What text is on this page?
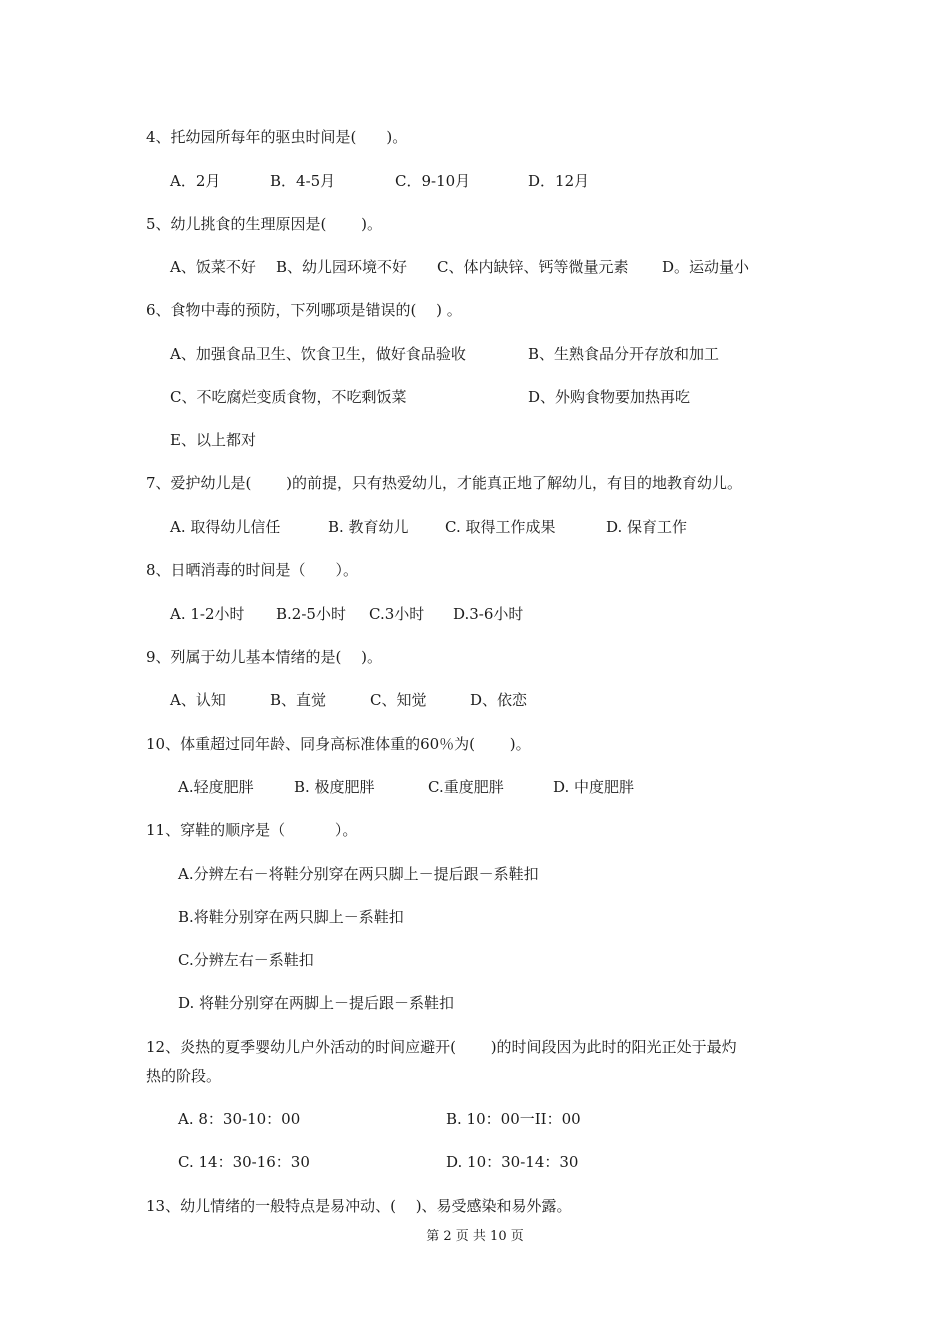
4、托幼园所每年的驱虫时间是(　　)。
A．2月	B．4-5月	C．9-10月	D．12月
5、幼儿挑食的生理原因是(　　 )。
A、饭菜不好 B、幼儿园环境不好 C、体内缺锌、钙等微量元素 D。运动量小
6、食物中毒的预防，下列哪项是错误的(　 ) 。
A、加强食品卫生、饮食卫生，做好食品验收	B、生熟食品分开存放和加工
C、不吃腐烂变质食物，不吃剩饭菜	D、外购食物要加热再吃
E、以上都对
7、爱护幼儿是(　　 )的前提，只有热爱幼儿，才能真正地了解幼儿，有目的地教育幼儿。
A. 取得幼儿信任	B. 教育幼儿 C. 取得工作成果	D. 保育工作
8、日晒消毒的时间是（　　）。
A. 1-2小时 B.2-5小时 C.3小时 D.3-6小时
9、列属于幼儿基本情绪的是(　 )。
A、认知	B、直觉	C、知觉	D、依恋
10、体重超过同年龄、同身高标准体重的60％为(　　 )。
A.轻度肥胖	B. 极度肥胖	C.重度肥胖	D. 中度肥胖
11、穿鞋的顺序是（　　　 ）。
A.分辨左右－将鞋分别穿在两只脚上－提后跟－系鞋扣
B.将鞋分别穿在两只脚上－系鞋扣
C.分辨左右－系鞋扣
D. 将鞋分别穿在两脚上－提后跟－系鞋扣
12、炎热的夏季婴幼儿户外活动的时间应避开(　　 )的时间段因为此时的阳光正处于最灼
热的阶段。
A. 8：30-10：00	B. 10：00一II：00
C. 14：30-16：30	D. 10：30-14：30
13、幼儿情绪的一般特点是易冲动、(　 )、易受感染和易外露。
第 2 页 共 10 页
